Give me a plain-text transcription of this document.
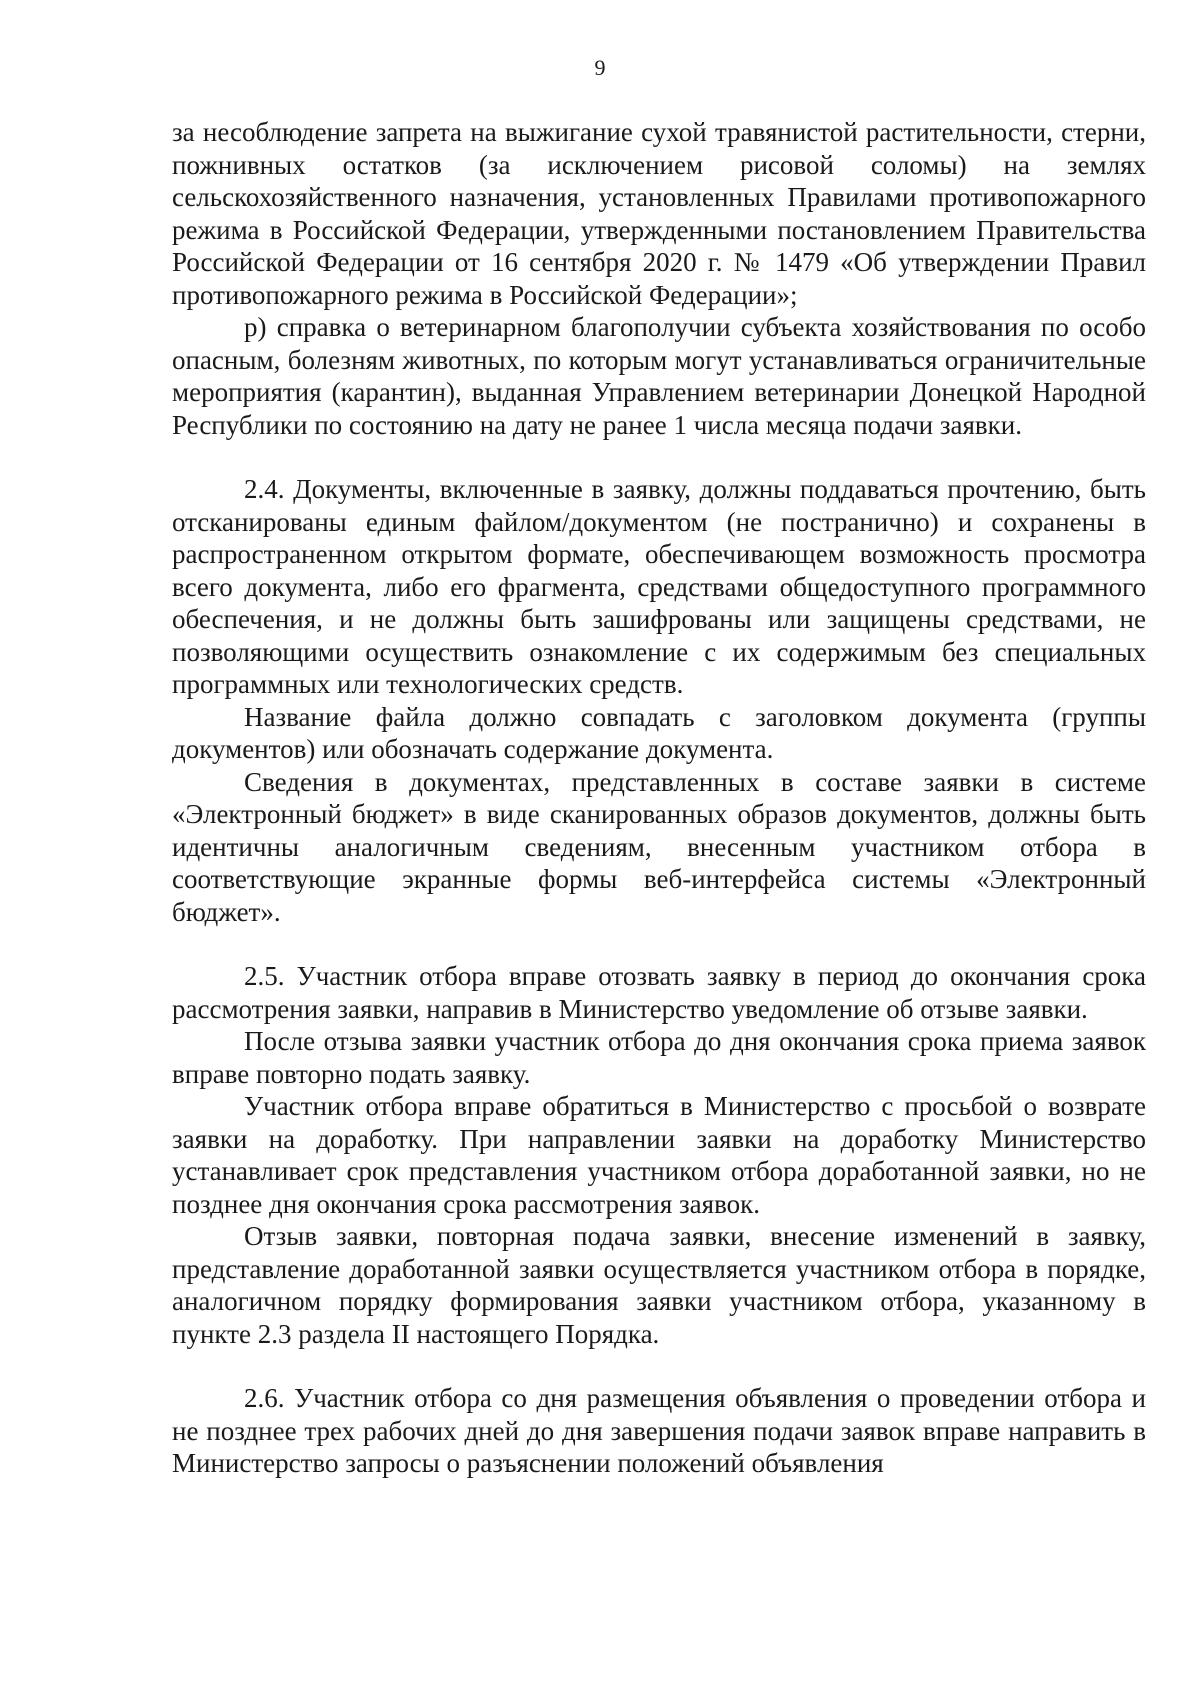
9

за несоблюдение запрета на выжигание сухой травянистой растительности, стерни, пожнивных остатков (за исключением рисовой соломы) на землях сельскохозяйственного назначения, установленных Правилами противопожарного режима в Российской Федерации, утвержденными постановлением Правительства Российской Федерации от 16 сентября 2020 г. № 1479 «Об утверждении Правил противопожарного режима в Российской Федерации»;

р) справка о ветеринарном благополучии субъекта хозяйствования по особо опасным, болезням животных, по которым могут устанавливаться ограничительные мероприятия (карантин), выданная Управлением ветеринарии Донецкой Народной Республики по состоянию на дату не ранее 1 числа месяца подачи заявки.

2.4. Документы, включенные в заявку, должны поддаваться прочтению, быть отсканированы единым файлом/документом (не постранично) и сохранены в распространенном открытом формате, обеспечивающем возможность просмотра всего документа, либо его фрагмента, средствами общедоступного программного обеспечения, и не должны быть зашифрованы или защищены средствами, не позволяющими осуществить ознакомление с их содержимым без специальных программных или технологических средств.

Название файла должно совпадать с заголовком документа (группы документов) или обозначать содержание документа.

Сведения в документах, представленных в составе заявки в системе «Электронный бюджет» в виде сканированных образов документов, должны быть идентичны аналогичным сведениям, внесенным участником отбора в соответствующие экранные формы веб-интерфейса системы «Электронный бюджет».

2.5. Участник отбора вправе отозвать заявку в период до окончания срока рассмотрения заявки, направив в Министерство уведомление об отзыве заявки.

После отзыва заявки участник отбора до дня окончания срока приема заявок вправе повторно подать заявку.

Участник отбора вправе обратиться в Министерство с просьбой о возврате заявки на доработку. При направлении заявки на доработку Министерство устанавливает срок представления участником отбора доработанной заявки, но не позднее дня окончания срока рассмотрения заявок.

Отзыв заявки, повторная подача заявки, внесение изменений в заявку, представление доработанной заявки осуществляется участником отбора в порядке, аналогичном порядку формирования заявки участником отбора, указанному в пункте 2.3 раздела II настоящего Порядка.

2.6. Участник отбора со дня размещения объявления о проведении отбора и не позднее трех рабочих дней до дня завершения подачи заявок вправе направить в Министерство запросы о разъяснении положений объявления
